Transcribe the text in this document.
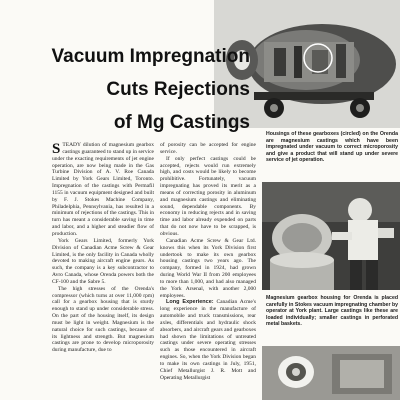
Vacuum Impregnation
Cuts Rejections
of Mg Castings
Housings of these gearboxes (circled) on the Orenda are magnesium castings which have been impregnated under vacuum to correct microporosity and give a product that will stand up under severe service of jet operation.
Magnesium gearbox housing for Orenda is placed carefully in Stokes vacuum impregnating chamber by operator at York plant. Large castings like these are loaded individually; smaller castings in perforated metal baskets.

STEADY dilution of magnesium gearbox castings guaranteed to stand up in service under the exacting requirements of jet engine operation, are now being made in the Gas Turbine Division of A. V. Roe Canada Limited by York Gears Limited, Toronto. Impregnation of the castings with Permafil 1155 in vacuum equipment designed and built by F. J. Stokes Machine Company, Philadelphia, Pennsylvania, has resulted in a minimum of rejections of the castings. This in turn has meant a considerable saving in time and labor, and a higher and steadier flow of production.

York Gears Limited, formerly York Division of Canadian Acme Screw & Gear Limited, is the only facility in Canada wholly devoted to making aircraft engine gears. As such, the company is a key subcontractor to Avro Canada, whose Orenda powers both the CF-100 and the Sabre 5.

The high stresses of the Orenda's compressor (which turns at over 11,000 rpm) call for a gearbox housing that is sturdy enough to stand up under considerable stress. On the part of the housing itself, its design must be light in weight. Magnesium is the natural choice for such castings, because of its lightness and strength. But magnesium castings are prone to develop microporosity during manufacture, due to

of porosity can be accepted for engine service.

If only perfect castings could be accepted, rejects would run extremely high, and costs would be likely to become prohibitive. Fortunately, vacuum impregnating has proved its merit as a means of correcting porosity in aluminum and magnesium castings and eliminating sound, dependable components. By economy in reducing rejects and in saving time and labor already expended on parts that do not now have to be scrapped, is obvious.

Canadian Acme Screw & Gear Ltd. knows this when its York Division first undertook to make its own gearbox housing castings two years ago. The company, formed in 1924, had grown during World War II from 200 employees to more than 1,000, and had also managed the York Arsenal, with another 2,000 employees.

Long Experience: Canadian Acme's long experience in the manufacture of automobile and truck transmissions, rear axles, differentials and hydraulic shock absorbers, and aircraft gears and gearboxes had shown the limitations of untreated castings under severe operating stresses such as those encountered in aircraft engines. So, when the York Division began to make its own castings in July, 1951, Chief Metallurgist J. R. Mott and Operating Metallurgist
